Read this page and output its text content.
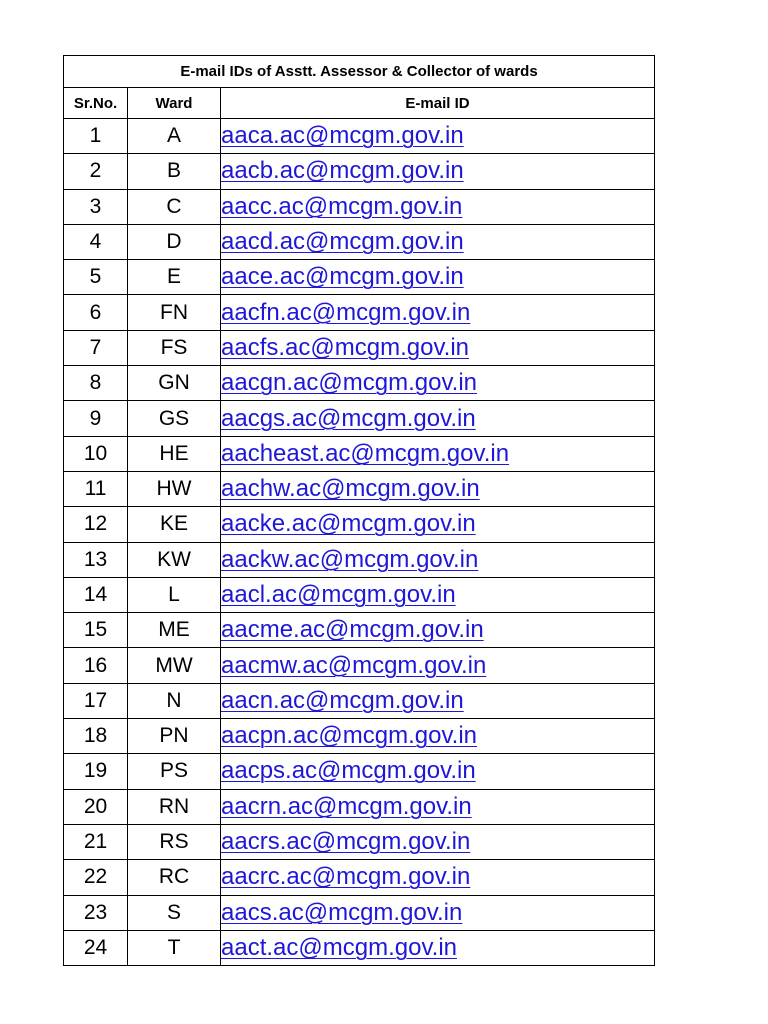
E-mail IDs of Asstt. Assessor & Collector of wards		
Sr.No.	Ward	E-mail ID
1	A	aaca.ac@mcgm.gov.in
2	B	aacb.ac@mcgm.gov.in
3	C	aacc.ac@mcgm.gov.in
4	D	aacd.ac@mcgm.gov.in
5	E	aace.ac@mcgm.gov.in
6	FN	aacfn.ac@mcgm.gov.in
7	FS	aacfs.ac@mcgm.gov.in
8	GN	aacgn.ac@mcgm.gov.in
9	GS	aacgs.ac@mcgm.gov.in
10	HE	aacheast.ac@mcgm.gov.in
11	HW	aachw.ac@mcgm.gov.in
12	KE	aacke.ac@mcgm.gov.in
13	KW	aackw.ac@mcgm.gov.in
14	L	aacl.ac@mcgm.gov.in
15	ME	aacme.ac@mcgm.gov.in
16	MW	aacmw.ac@mcgm.gov.in
17	N	aacn.ac@mcgm.gov.in
18	PN	aacpn.ac@mcgm.gov.in
19	PS	aacps.ac@mcgm.gov.in
20	RN	aacrn.ac@mcgm.gov.in
21	RS	aacrs.ac@mcgm.gov.in
22	RC	aacrc.ac@mcgm.gov.in
23	S	aacs.ac@mcgm.gov.in
24	T	aact.ac@mcgm.gov.in
